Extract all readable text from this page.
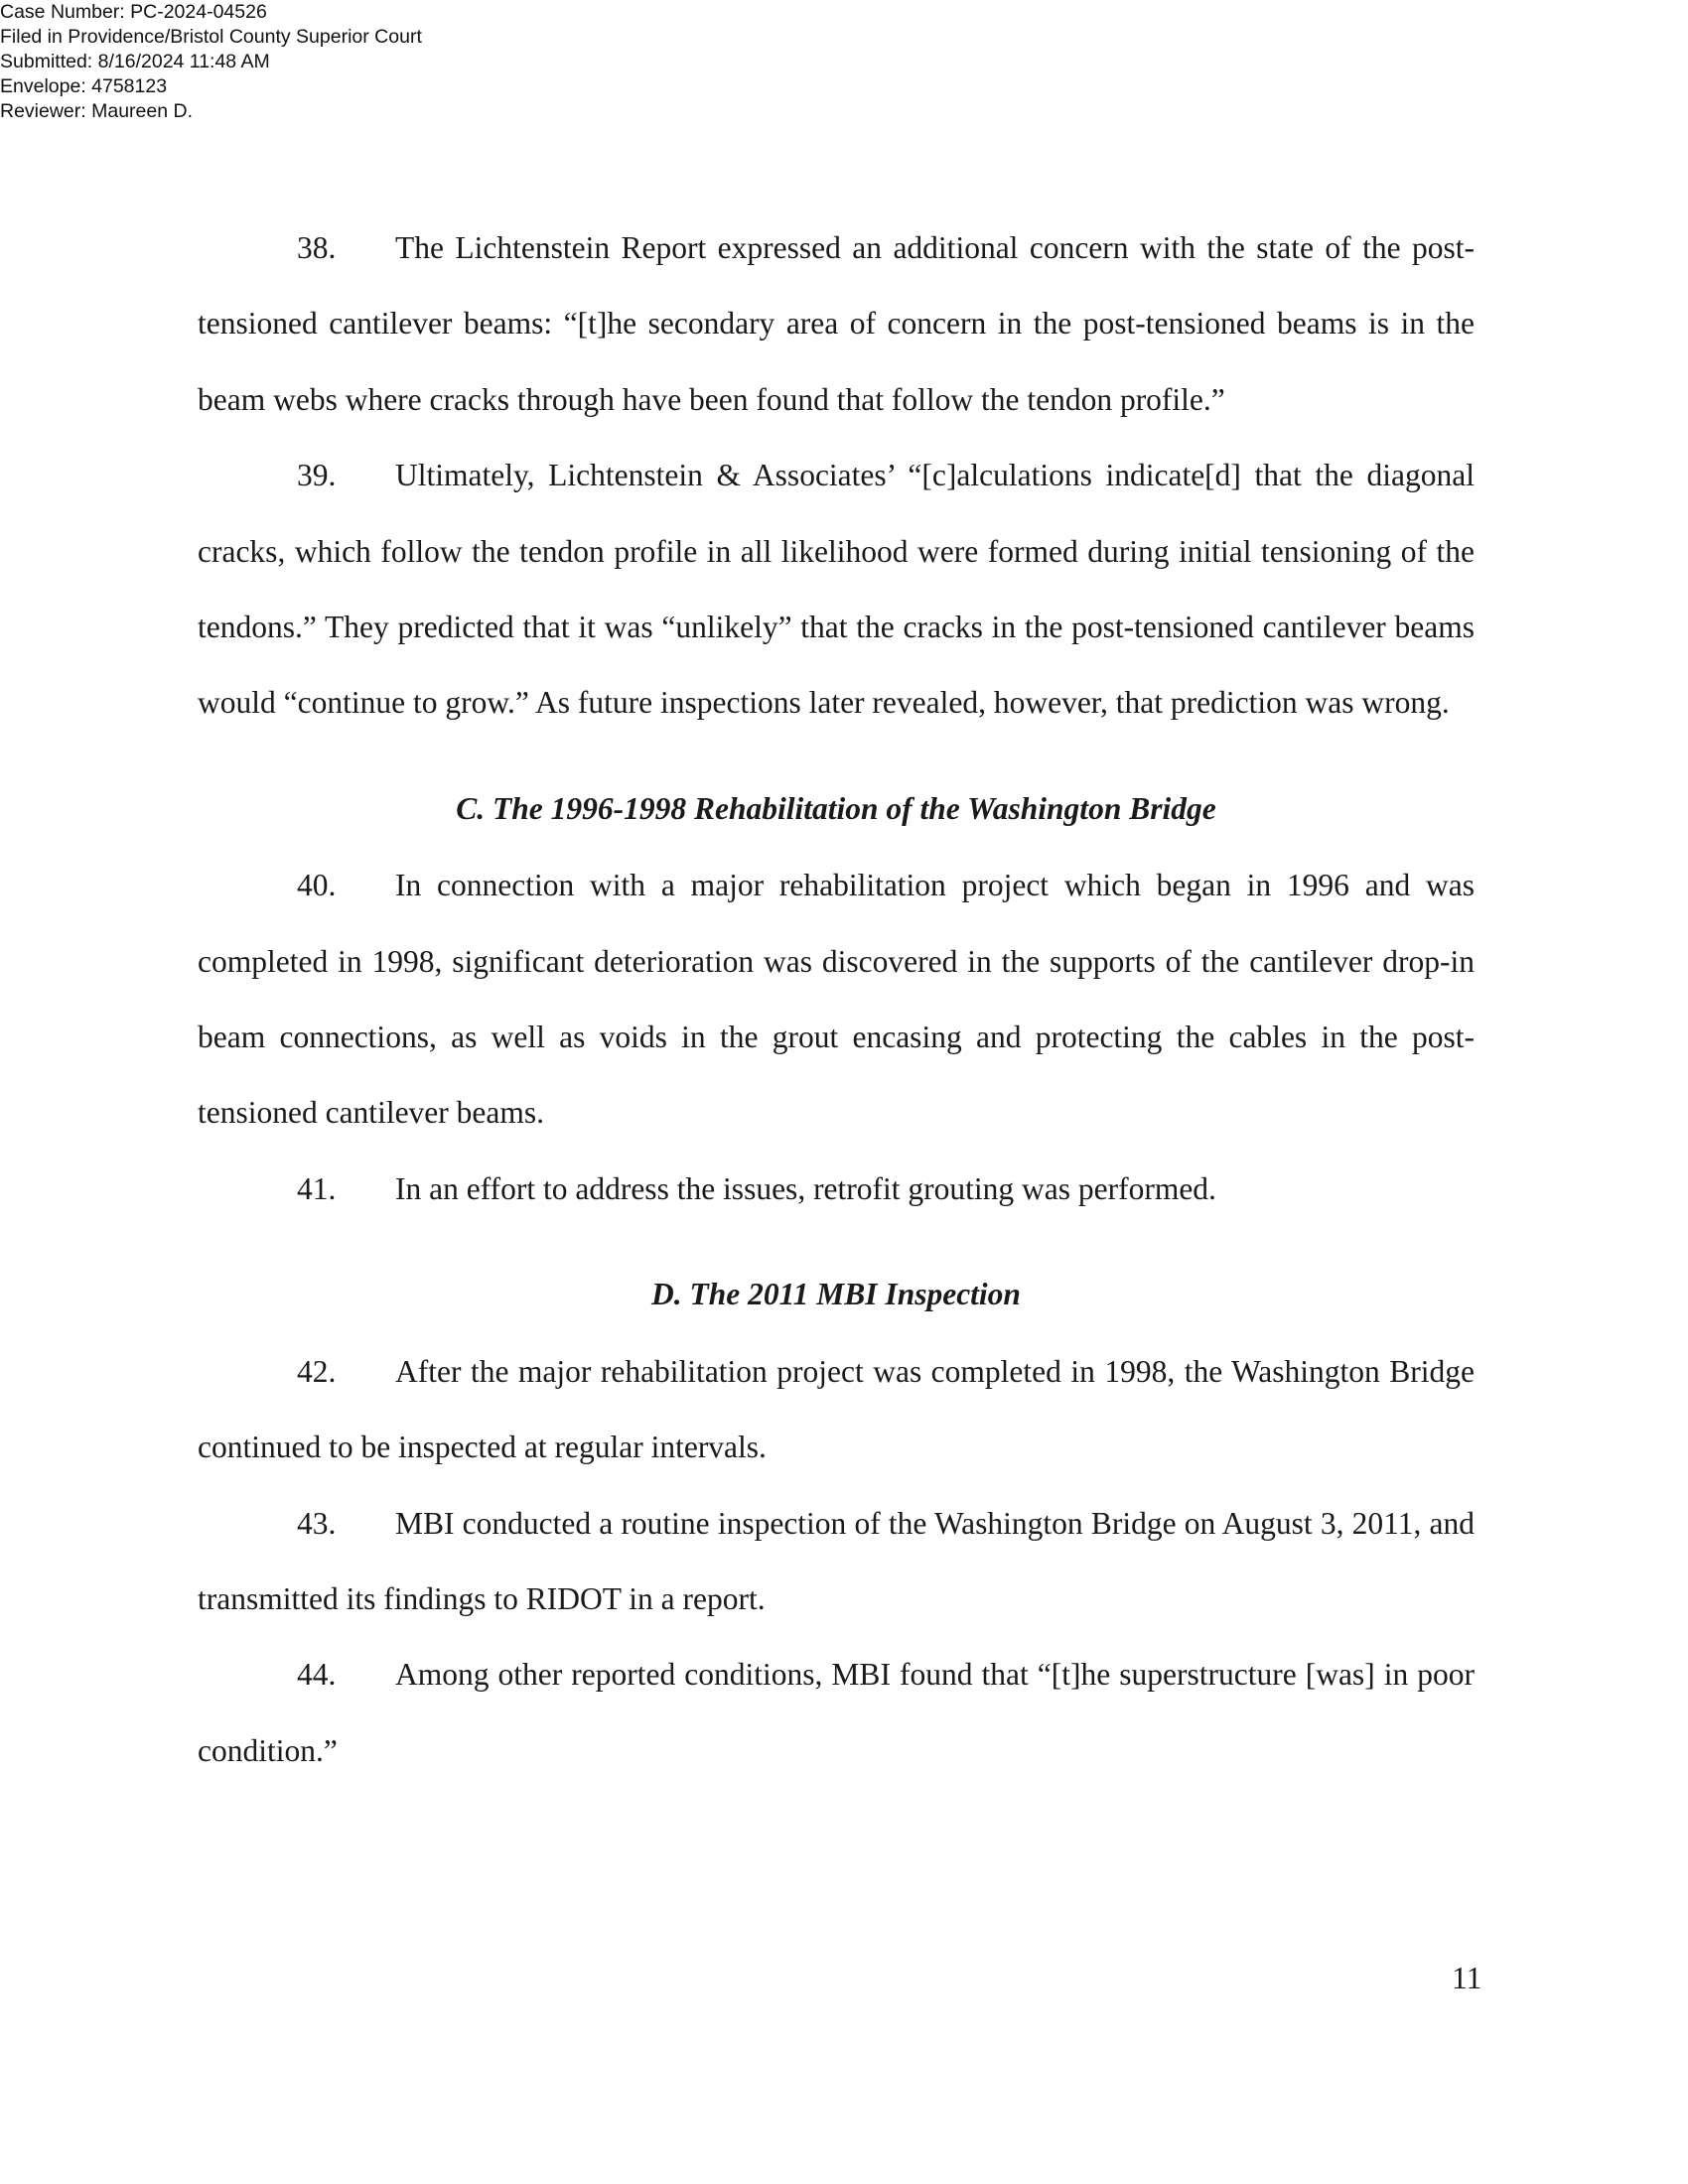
Case Number: PC-2024-04526
Filed in Providence/Bristol County Superior Court
Submitted: 8/16/2024 11:48 AM
Envelope: 4758123
Reviewer: Maureen D.

38. The Lichtenstein Report expressed an additional concern with the state of the post-tensioned cantilever beams: “[t]he secondary area of concern in the post-tensioned beams is in the beam webs where cracks through have been found that follow the tendon profile.”

39. Ultimately, Lichtenstein & Associates’ “[c]alculations indicate[d] that the diagonal cracks, which follow the tendon profile in all likelihood were formed during initial tensioning of the tendons.” They predicted that it was “unlikely” that the cracks in the post-tensioned cantilever beams would “continue to grow.” As future inspections later revealed, however, that prediction was wrong.

C. The 1996-1998 Rehabilitation of the Washington Bridge

40. In connection with a major rehabilitation project which began in 1996 and was completed in 1998, significant deterioration was discovered in the supports of the cantilever drop-in beam connections, as well as voids in the grout encasing and protecting the cables in the post-tensioned cantilever beams.

41. In an effort to address the issues, retrofit grouting was performed.

D. The 2011 MBI Inspection

42. After the major rehabilitation project was completed in 1998, the Washington Bridge continued to be inspected at regular intervals.

43. MBI conducted a routine inspection of the Washington Bridge on August 3, 2011, and transmitted its findings to RIDOT in a report.

44. Among other reported conditions, MBI found that “[t]he superstructure [was] in poor condition.”

11
